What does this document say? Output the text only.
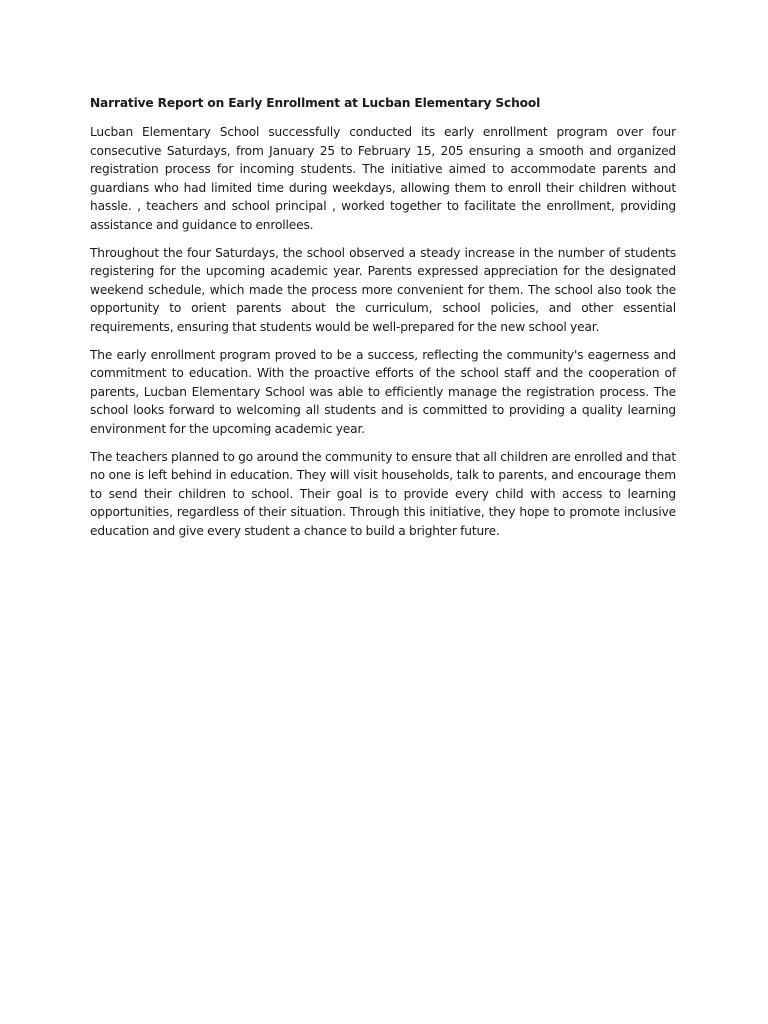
Narrative Report on Early Enrollment at Lucban Elementary School

Lucban Elementary School successfully conducted its early enrollment program over four consecutive Saturdays, from January 25 to February 15, 205 ensuring a smooth and organized registration process for incoming students. The initiative aimed to accommodate parents and guardians who had limited time during weekdays, allowing them to enroll their children without hassle. , teachers and school principal , worked together to facilitate the enrollment, providing assistance and guidance to enrollees.

Throughout the four Saturdays, the school observed a steady increase in the number of students registering for the upcoming academic year. Parents expressed appreciation for the designated weekend schedule, which made the process more convenient for them. The school also took the opportunity to orient parents about the curriculum, school policies, and other essential requirements, ensuring that students would be well-prepared for the new school year.

The early enrollment program proved to be a success, reflecting the community's eagerness and commitment to education. With the proactive efforts of the school staff and the cooperation of parents, Lucban Elementary School was able to efficiently manage the registration process. The school looks forward to welcoming all students and is committed to providing a quality learning environment for the upcoming academic year.

The teachers planned to go around the community to ensure that all children are enrolled and that no one is left behind in education. They will visit households, talk to parents, and encourage them to send their children to school. Their goal is to provide every child with access to learning opportunities, regardless of their situation. Through this initiative, they hope to promote inclusive education and give every student a chance to build a brighter future.
